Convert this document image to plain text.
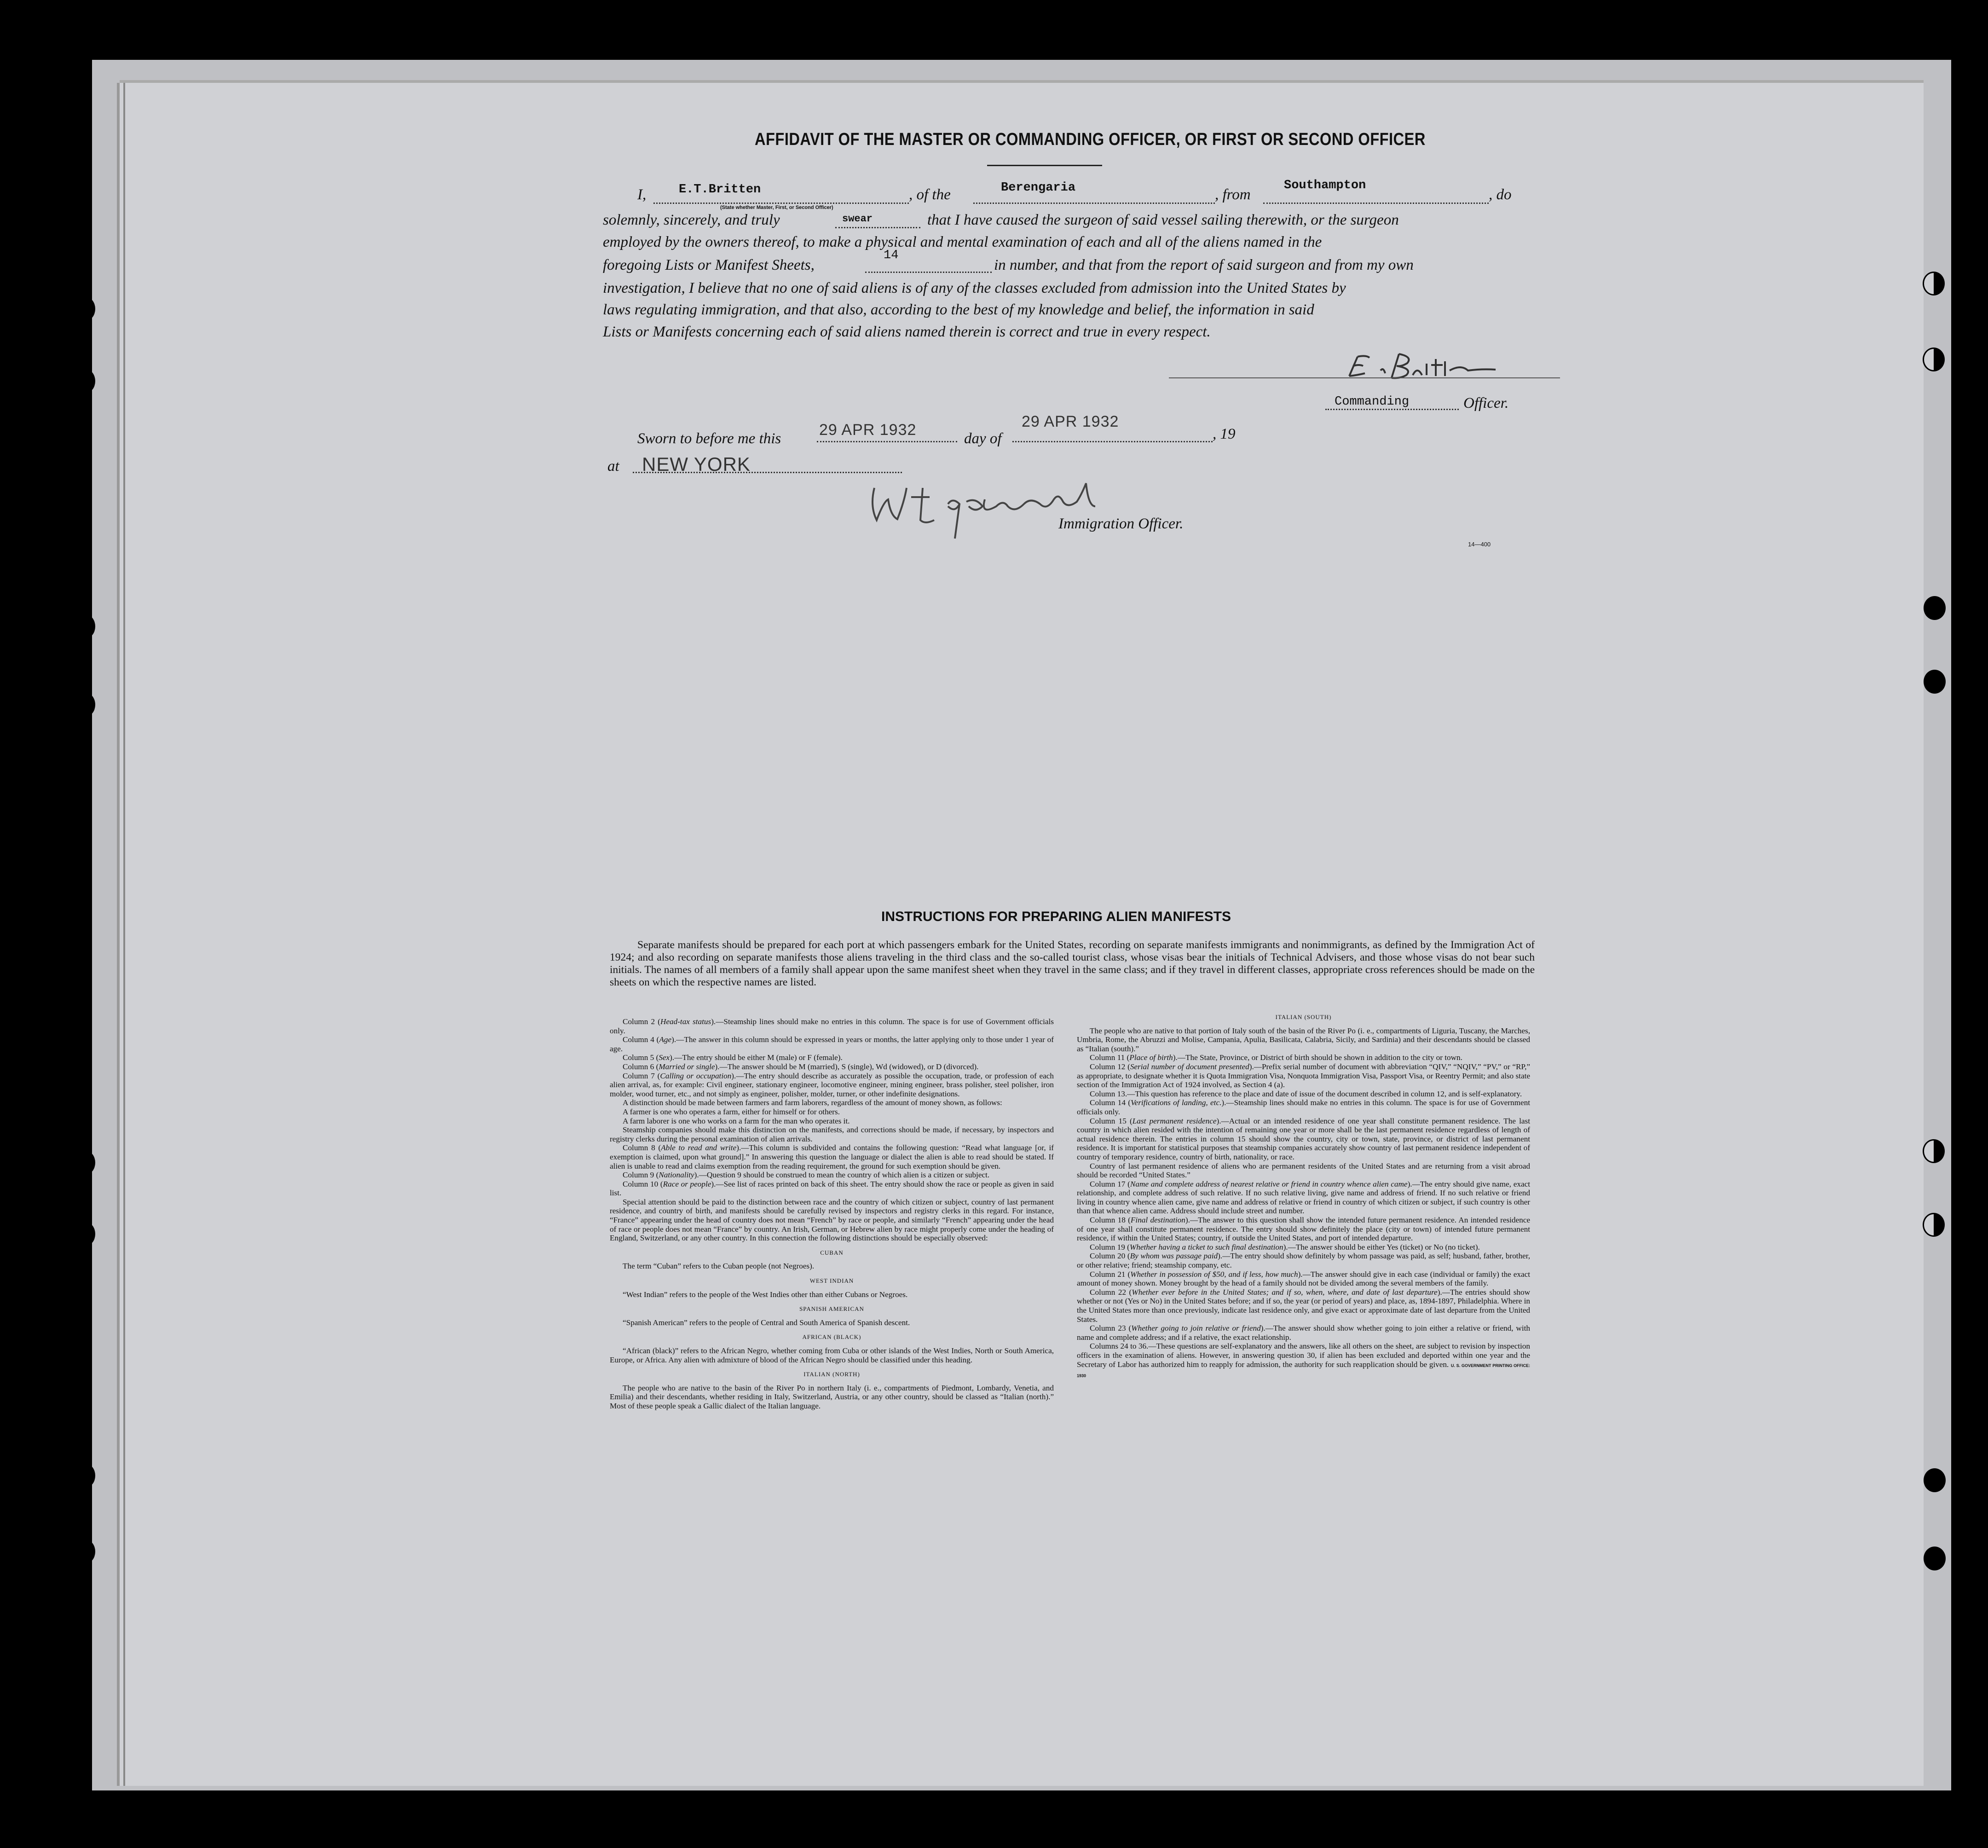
AFFIDAVIT OF THE MASTER OR COMMANDING OFFICER, OR FIRST OR SECOND OFFICER
I,	E.T.Britten
(State whether Master, First, or Second Officer)
, of the	Berengaria	, from
Southampton
, do
solemnly, sincerely, and truly	swear	that I have caused the surgeon of said vessel sailing therewith, or the surgeon
employed by the owners thereof, to make a physical and mental examination of each and all of the aliens named in the
foregoing Lists or Manifest Sheets,
14
in number, and that from the report of said surgeon and from my own
investigation, I believe that no one of said aliens is of any of the classes excluded from admission into the United States by
laws regulating immigration, and that also, according to the best of my knowledge and belief, the information in said
Lists or Manifests concerning each of said aliens named therein is correct and true in every respect.
Commanding	Officer.
Sworn to before me this 29 APR 1932	day of
29 APR 1932
, 19
at NEW YORK
Immigration Officer.
14—400
INSTRUCTIONS FOR PREPARING ALIEN MANIFESTS
Separate manifests should be prepared for each port at which passengers embark for the United States, recording on separate manifests immigrants and nonimmigrants, as defined by the Immigration Act of 1924; and also recording on separate manifests those aliens traveling in the third class and the so-called tourist class, whose visas bear the initials of Technical Advisers, and those whose visas do not bear such initials. The names of all members of a family shall appear upon the same manifest sheet when they travel in the same class; and if they travel in different classes, appropriate cross references should be made on the sheets on which the respective names are listed.

Column 2 (Head-tax status).—Steamship lines should make no entries in this column. The space is for use of Government officials only.

Column 4 (Age).—The answer in this column should be expressed in years or months, the latter applying only to those under 1 year of age.

Column 5 (Sex).—The entry should be either M (male) or F (female).

Column 6 (Married or single).—The answer should be M (married), S (single), Wd (widowed), or D (divorced).

Column 7 (Calling or occupation).—The entry should describe as accurately as possible the occupation, trade, or profession of each alien arrival, as, for example: Civil engineer, stationary engineer, locomotive engineer, mining engineer, brass polisher, steel polisher, iron molder, wood turner, etc., and not simply as engineer, polisher, molder, turner, or other indefinite designations.

A distinction should be made between farmers and farm laborers, regardless of the amount of money shown, as follows:

A farmer is one who operates a farm, either for himself or for others.

A farm laborer is one who works on a farm for the man who operates it.

Steamship companies should make this distinction on the manifests, and corrections should be made, if necessary, by inspectors and registry clerks during the personal examination of alien arrivals.

Column 8 (Able to read and write).—This column is subdivided and contains the following question: “Read what language [or, if exemption is claimed, upon what ground].” In answering this question the language or dialect the alien is able to read should be stated. If alien is unable to read and claims exemption from the reading requirement, the ground for such exemption should be given.

Column 9 (Nationality).—Question 9 should be construed to mean the country of which alien is a citizen or subject.

Column 10 (Race or people).—See list of races printed on back of this sheet. The entry should show the race or people as given in said list.

Special attention should be paid to the distinction between race and the country of which citizen or subject, country of last permanent residence, and country of birth, and manifests should be carefully revised by inspectors and registry clerks in this regard. For instance, “France” appearing under the head of country does not mean “French” by race or people, and similarly “French” appearing under the head of race or people does not mean “France” by country. An Irish, German, or Hebrew alien by race might properly come under the heading of England, Switzerland, or any other country. In this connection the following distinctions should be especially observed:

CUBAN

The term “Cuban” refers to the Cuban people (not Negroes).

WEST INDIAN

“West Indian” refers to the people of the West Indies other than either Cubans or Negroes.

SPANISH AMERICAN

“Spanish American” refers to the people of Central and South America of Spanish descent.

AFRICAN (BLACK)

“African (black)” refers to the African Negro, whether coming from Cuba or other islands of the West Indies, North or South America, Europe, or Africa. Any alien with admixture of blood of the African Negro should be classified under this heading.

ITALIAN (NORTH)

The people who are native to the basin of the River Po in northern Italy (i. e., compartments of Piedmont, Lombardy, Venetia, and Emilia) and their descendants, whether residing in Italy, Switzerland, Austria, or any other country, should be classed as “Italian (north).” Most of these people speak a Gallic dialect of the Italian language.

ITALIAN (SOUTH)

The people who are native to that portion of Italy south of the basin of the River Po (i. e., compartments of Liguria, Tuscany, the Marches, Umbria, Rome, the Abruzzi and Molise, Campania, Apulia, Basilicata, Calabria, Sicily, and Sardinia) and their descendants should be classed as “Italian (south).”

Column 11 (Place of birth).—The State, Province, or District of birth should be shown in addition to the city or town.

Column 12 (Serial number of document presented).—Prefix serial number of document with abbreviation “QIV,” “NQIV,” “PV,” or “RP,” as appropriate, to designate whether it is Quota Immigration Visa, Nonquota Immigration Visa, Passport Visa, or Reentry Permit; and also state section of the Immigration Act of 1924 involved, as Section 4 (a).

Column 13.—This question has reference to the place and date of issue of the document described in column 12, and is self-explanatory.

Column 14 (Verifications of landing, etc.).—Steamship lines should make no entries in this column. The space is for use of Government officials only.

Column 15 (Last permanent residence).—Actual or an intended residence of one year shall constitute permanent residence. The last country in which alien resided with the intention of remaining one year or more shall be the last permanent residence regardless of length of actual residence therein. The entries in column 15 should show the country, city or town, state, province, or district of last permanent residence. It is important for statistical purposes that steamship companies accurately show country of last permanent residence independent of country of temporary residence, country of birth, nationality, or race.

Country of last permanent residence of aliens who are permanent residents of the United States and are returning from a visit abroad should be recorded “United States.”

Column 17 (Name and complete address of nearest relative or friend in country whence alien came).—The entry should give name, exact relationship, and complete address of such relative. If no such relative living, give name and address of friend. If no such relative or friend living in country whence alien came, give name and address of relative or friend in country of which citizen or subject, if such country is other than that whence alien came. Address should include street and number.

Column 18 (Final destination).—The answer to this question shall show the intended future permanent residence. An intended residence of one year shall constitute permanent residence. The entry should show definitely the place (city or town) of intended future permanent residence, if within the United States; country, if outside the United States, and port of intended departure.

Column 19 (Whether having a ticket to such final destination).—The answer should be either Yes (ticket) or No (no ticket).

Column 20 (By whom was passage paid).—The entry should show definitely by whom passage was paid, as self; husband, father, brother, or other relative; friend; steamship company, etc.

Column 21 (Whether in possession of $50, and if less, how much).—The answer should give in each case (individual or family) the exact amount of money shown. Money brought by the head of a family should not be divided among the several members of the family.

Column 22 (Whether ever before in the United States; and if so, when, where, and date of last departure).—The entries should show whether or not (Yes or No) in the United States before; and if so, the year (or period of years) and place, as, 1894-1897, Philadelphia. Where in the United States more than once previously, indicate last residence only, and give exact or approximate date of last departure from the United States.

Column 23 (Whether going to join relative or friend).—The answer should show whether going to join either a relative or friend, with name and complete address; and if a relative, the exact relationship.

Columns 24 to 36.—These questions are self-explanatory and the answers, like all others on the sheet, are subject to revision by inspection officers in the examination of aliens. However, in answering question 30, if alien has been excluded and deported within one year and the Secretary of Labor has authorized him to reapply for admission, the authority for such reapplication should be given. U. S. GOVERNMENT PRINTING OFFICE: 1930
